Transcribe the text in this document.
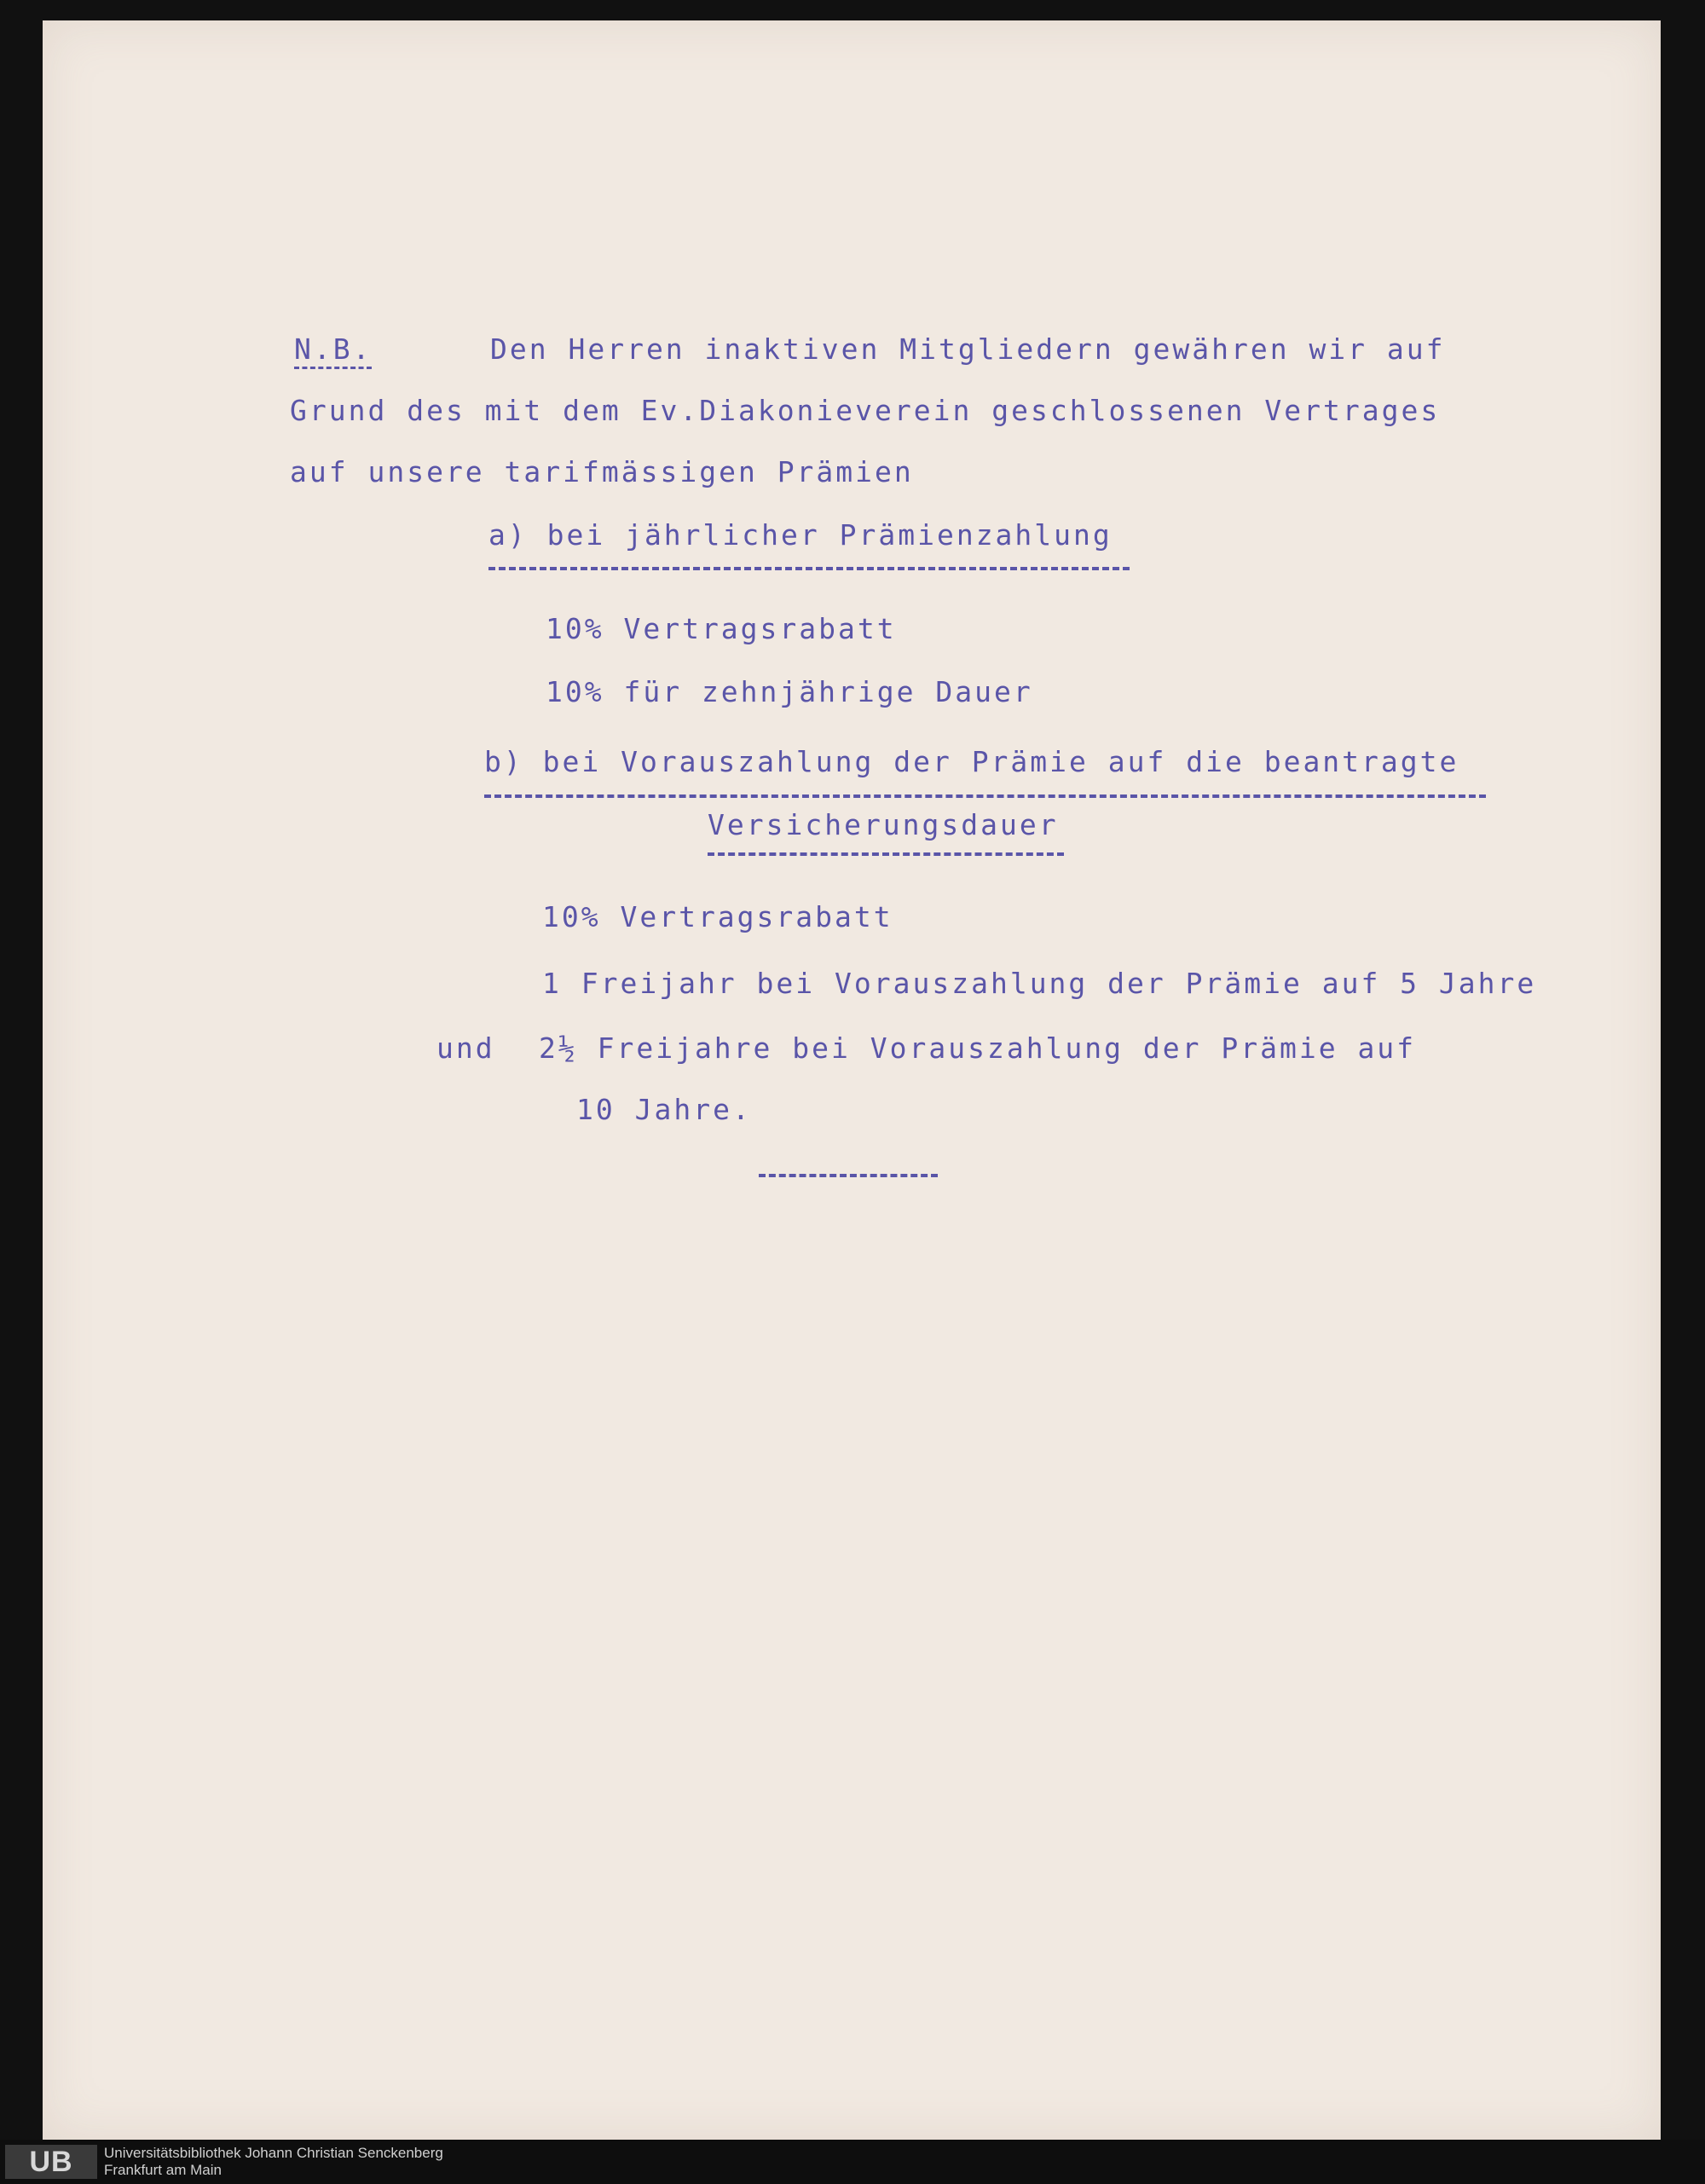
N.B.	Den Herren inaktiven Mitgliedern gewähren wir auf
Grund des mit dem Ev.Diakonieverein geschlossenen Vertrages
auf unsere tarifmässigen Prämien
a) bei jährlicher Prämienzahlung
10% Vertragsrabatt
10% für zehnjährige Dauer
b) bei Vorauszahlung der Prämie auf die beantragte
Versicherungsdauer
10% Vertragsrabatt
1 Freijahr bei Vorauszahlung der Prämie auf 5 Jahre
und 2½ Freijahre bei Vorauszahlung der Prämie auf
10 Jahre.
UB	Universitätsbibliothek Johann Christian Senckenberg
Frankfurt am Main
